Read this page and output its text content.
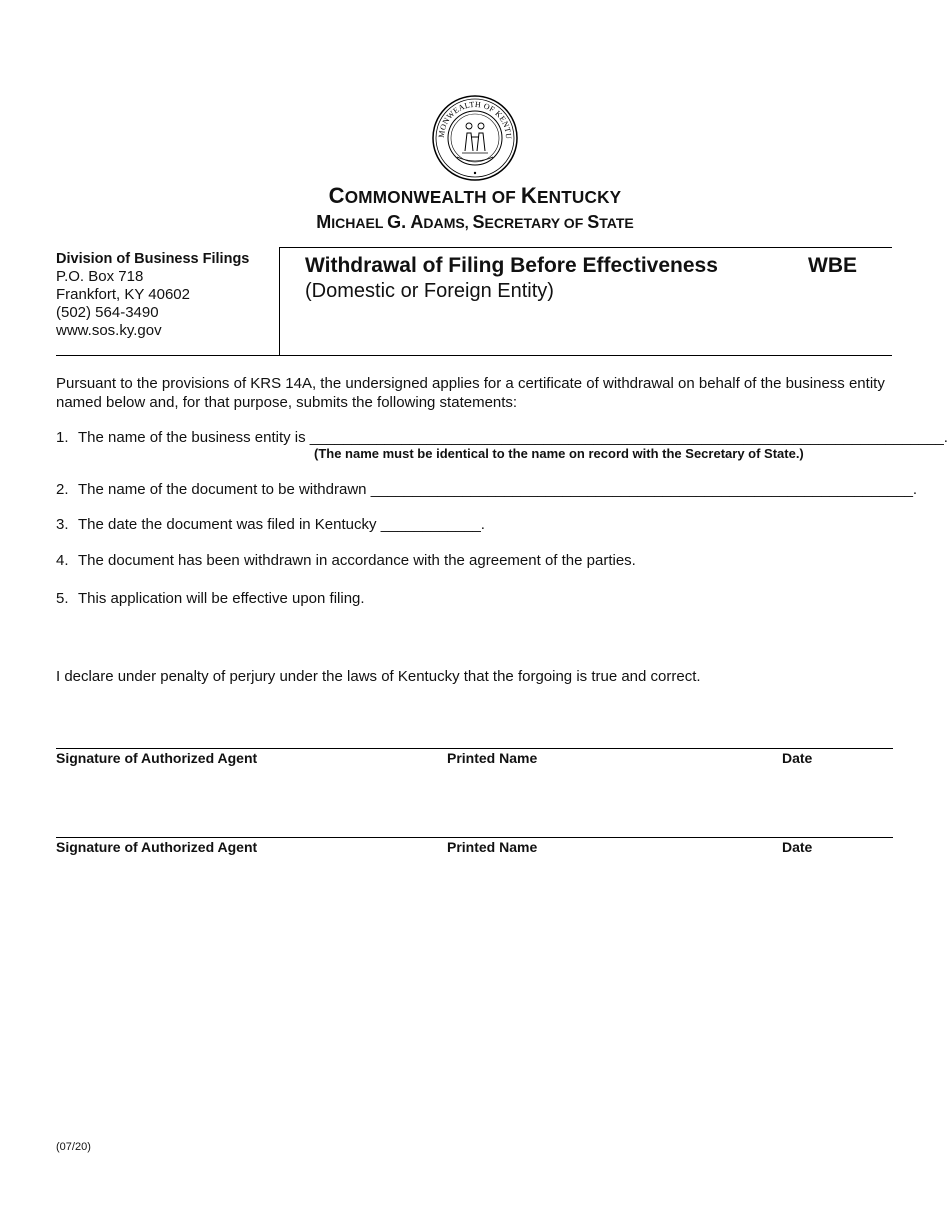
MONWEALTH OF KENTU
COMMONWEALTH OF KENTUCKY
MICHAEL G. ADAMS, SECRETARY OF STATE
Division of Business Filings
P.O. Box 718
Frankfort, KY 40602
(502) 564-3490
www.sos.ky.gov
Withdrawal of Filing Before Effectiveness	WBE
(Domestic or Foreign Entity)
Pursuant to the provisions of KRS 14A, the undersigned applies for a certificate of withdrawal on behalf of the business entity named below and, for that purpose, submits the following statements:
1. The name of the business entity is ____________________________________________________________________________.
(The name must be identical to the name on record with the Secretary of State.)
2. The name of the document to be withdrawn _________________________________________________________________.
3. The date the document was filed in Kentucky ____________.
4. The document has been withdrawn in accordance with the agreement of the parties.
5. This application will be effective upon filing.
I declare under penalty of perjury under the laws of Kentucky that the forgoing is true and correct.
Signature of Authorized Agent	Printed Name	Date
Signature of Authorized Agent	Printed Name	Date
(07/20)
